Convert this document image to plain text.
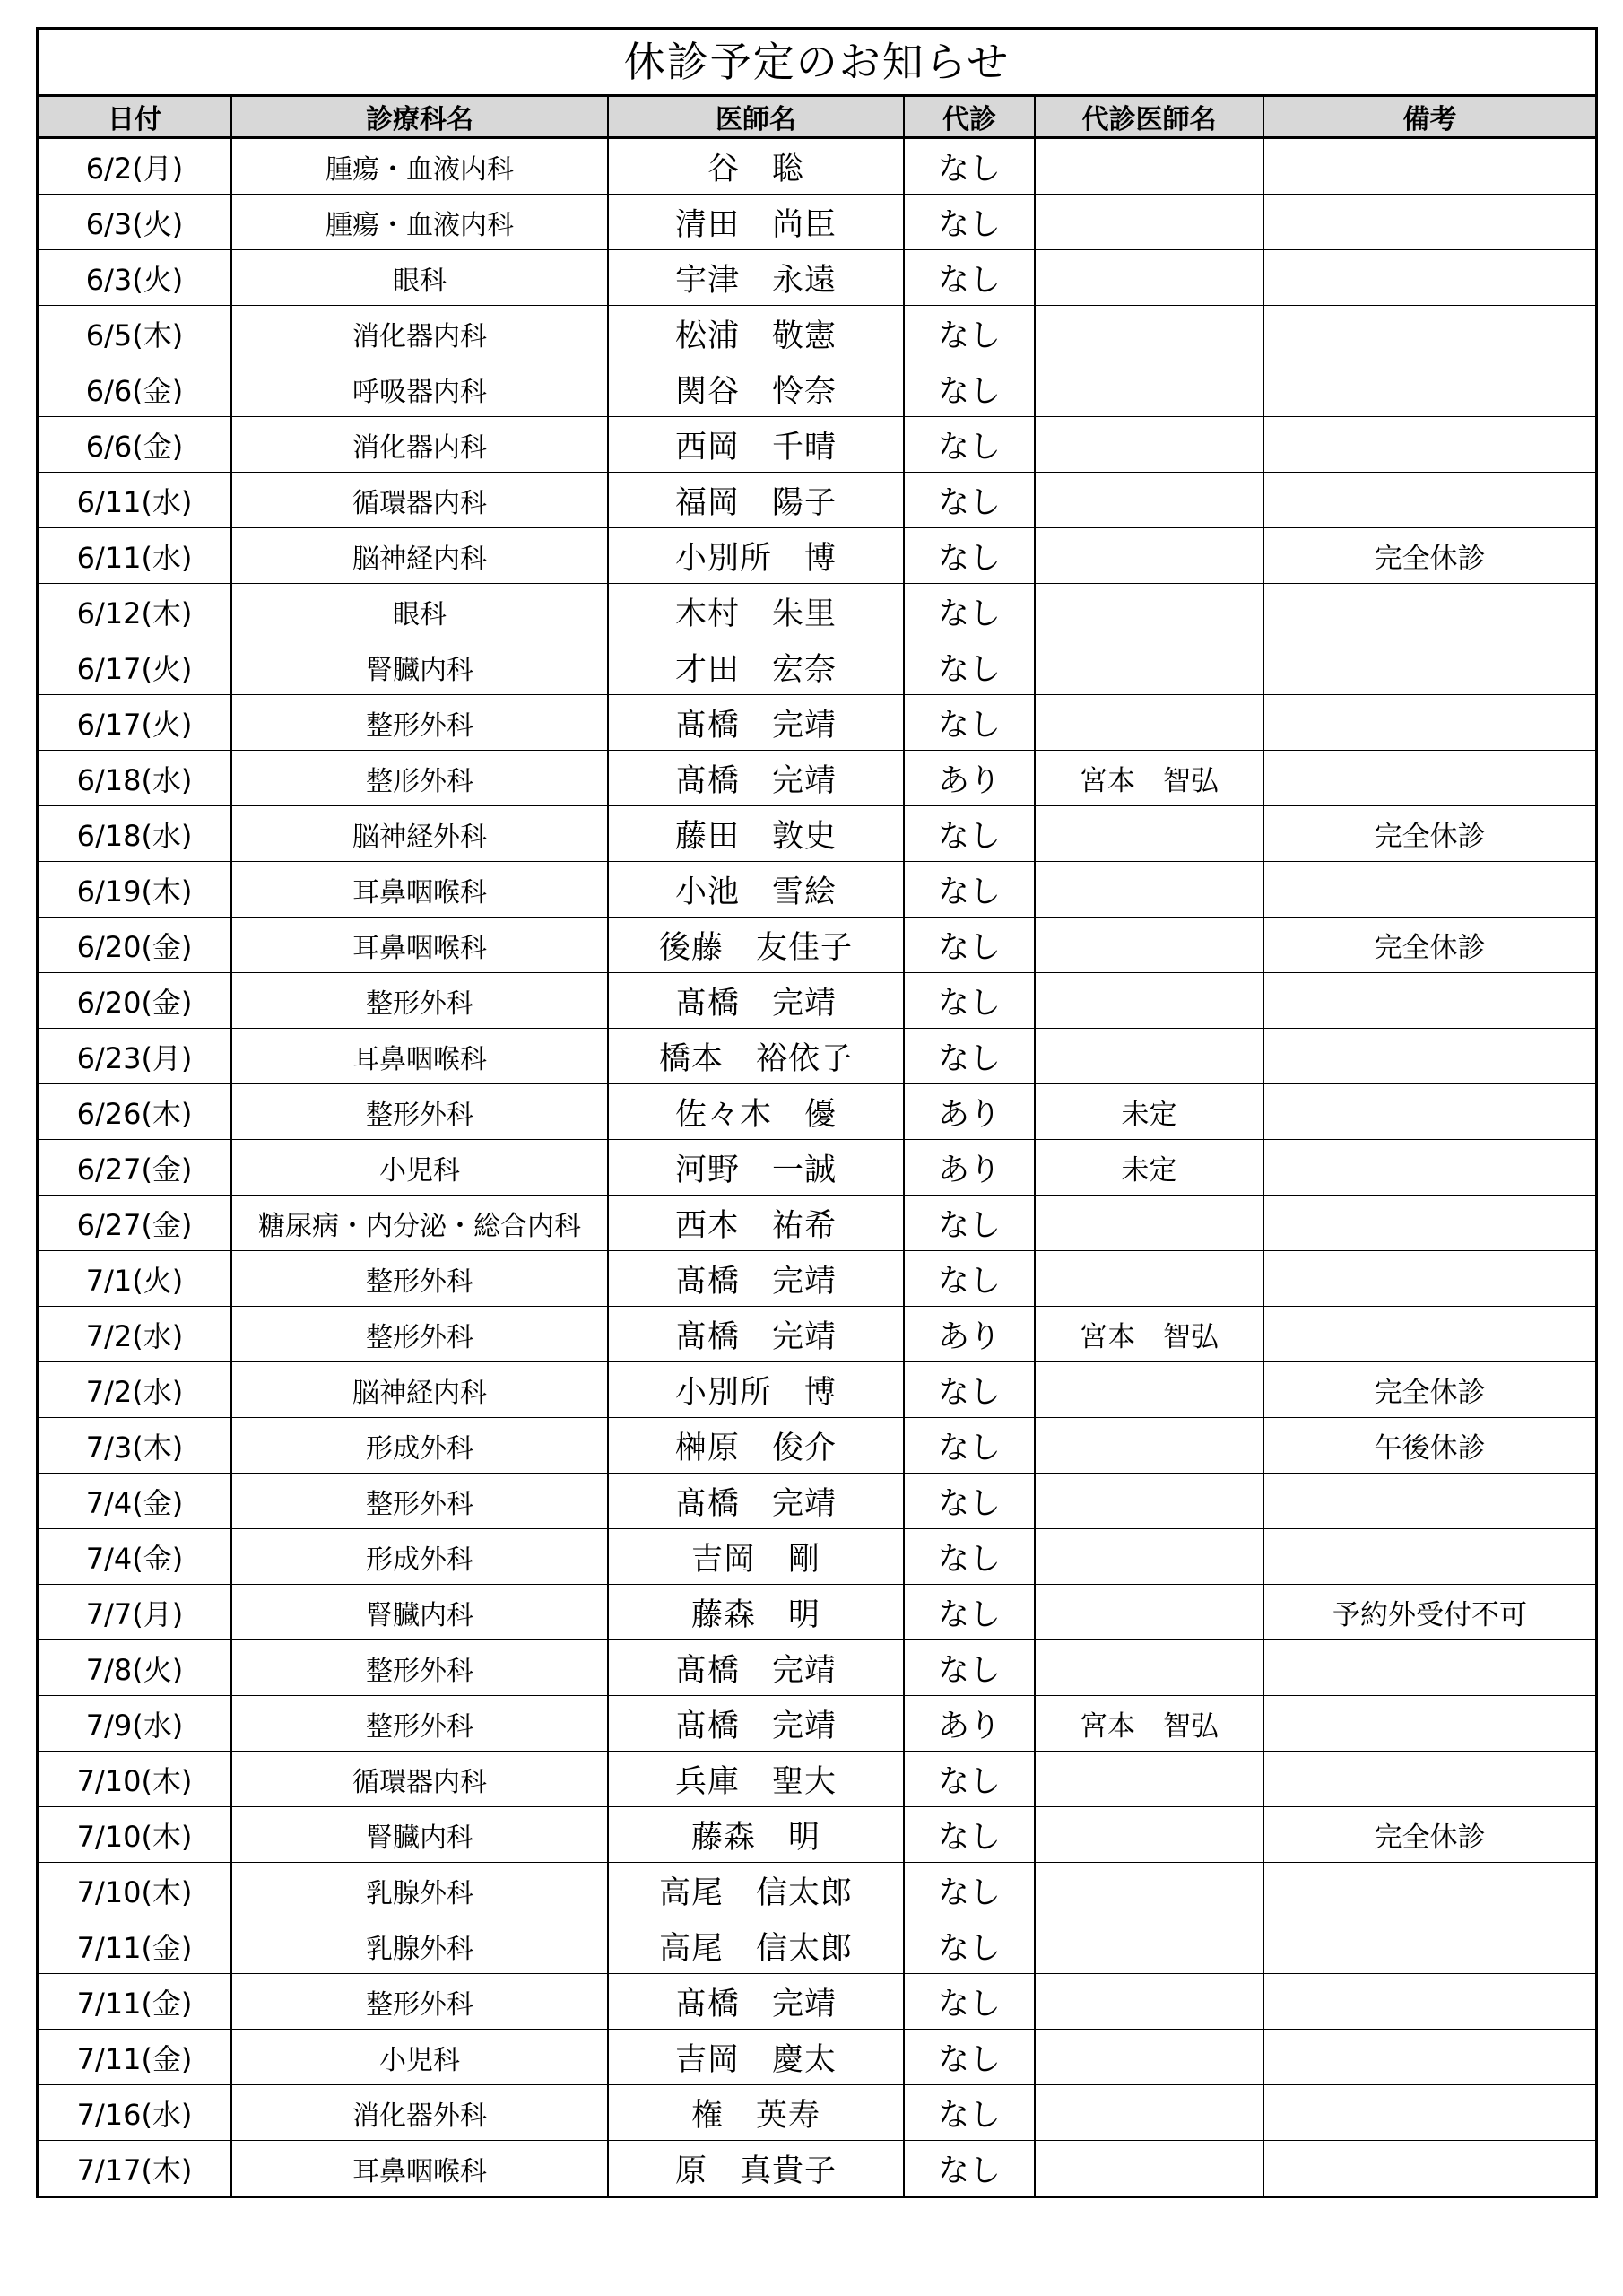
休診予定のお知らせ
日付	診療科名	医師名	代診	代診医師名	備考
6/2(月)	腫瘍・血液内科	谷　聡	なし		
6/3(火)	腫瘍・血液内科	清田　尚臣	なし		
6/3(火)	眼科	宇津　永遠	なし		
6/5(木)	消化器内科	松浦　敬憲	なし		
6/6(金)	呼吸器内科	関谷　怜奈	なし		
6/6(金)	消化器内科	西岡　千晴	なし		
6/11(水)	循環器内科	福岡　陽子	なし		
6/11(水)	脳神経内科	小別所　博	なし		完全休診
6/12(木)	眼科	木村　朱里	なし		
6/17(火)	腎臓内科	才田　宏奈	なし		
6/17(火)	整形外科	髙橋　完靖	なし		
6/18(水)	整形外科	髙橋　完靖	あり	宮本　智弘	
6/18(水)	脳神経外科	藤田　敦史	なし		完全休診
6/19(木)	耳鼻咽喉科	小池　雪絵	なし		
6/20(金)	耳鼻咽喉科	後藤　友佳子	なし		完全休診
6/20(金)	整形外科	髙橋　完靖	なし		
6/23(月)	耳鼻咽喉科	橋本　裕依子	なし		
6/26(木)	整形外科	佐々木　優	あり	未定	
6/27(金)	小児科	河野　一誠	あり	未定	
6/27(金)	糖尿病・内分泌・総合内科	西本　祐希	なし		
7/1(火)	整形外科	髙橋　完靖	なし		
7/2(水)	整形外科	髙橋　完靖	あり	宮本　智弘	
7/2(水)	脳神経内科	小別所　博	なし		完全休診
7/3(木)	形成外科	榊原　俊介	なし		午後休診
7/4(金)	整形外科	髙橋　完靖	なし		
7/4(金)	形成外科	吉岡　剛	なし		
7/7(月)	腎臓内科	藤森　明	なし		予約外受付不可
7/8(火)	整形外科	髙橋　完靖	なし		
7/9(水)	整形外科	髙橋　完靖	あり	宮本　智弘	
7/10(木)	循環器内科	兵庫　聖大	なし		
7/10(木)	腎臓内科	藤森　明	なし		完全休診
7/10(木)	乳腺外科	高尾　信太郎	なし		
7/11(金)	乳腺外科	高尾　信太郎	なし		
7/11(金)	整形外科	髙橋　完靖	なし		
7/11(金)	小児科	吉岡　慶太	なし		
7/16(水)	消化器外科	権　英寿	なし		
7/17(木)	耳鼻咽喉科	原　真貴子	なし		
